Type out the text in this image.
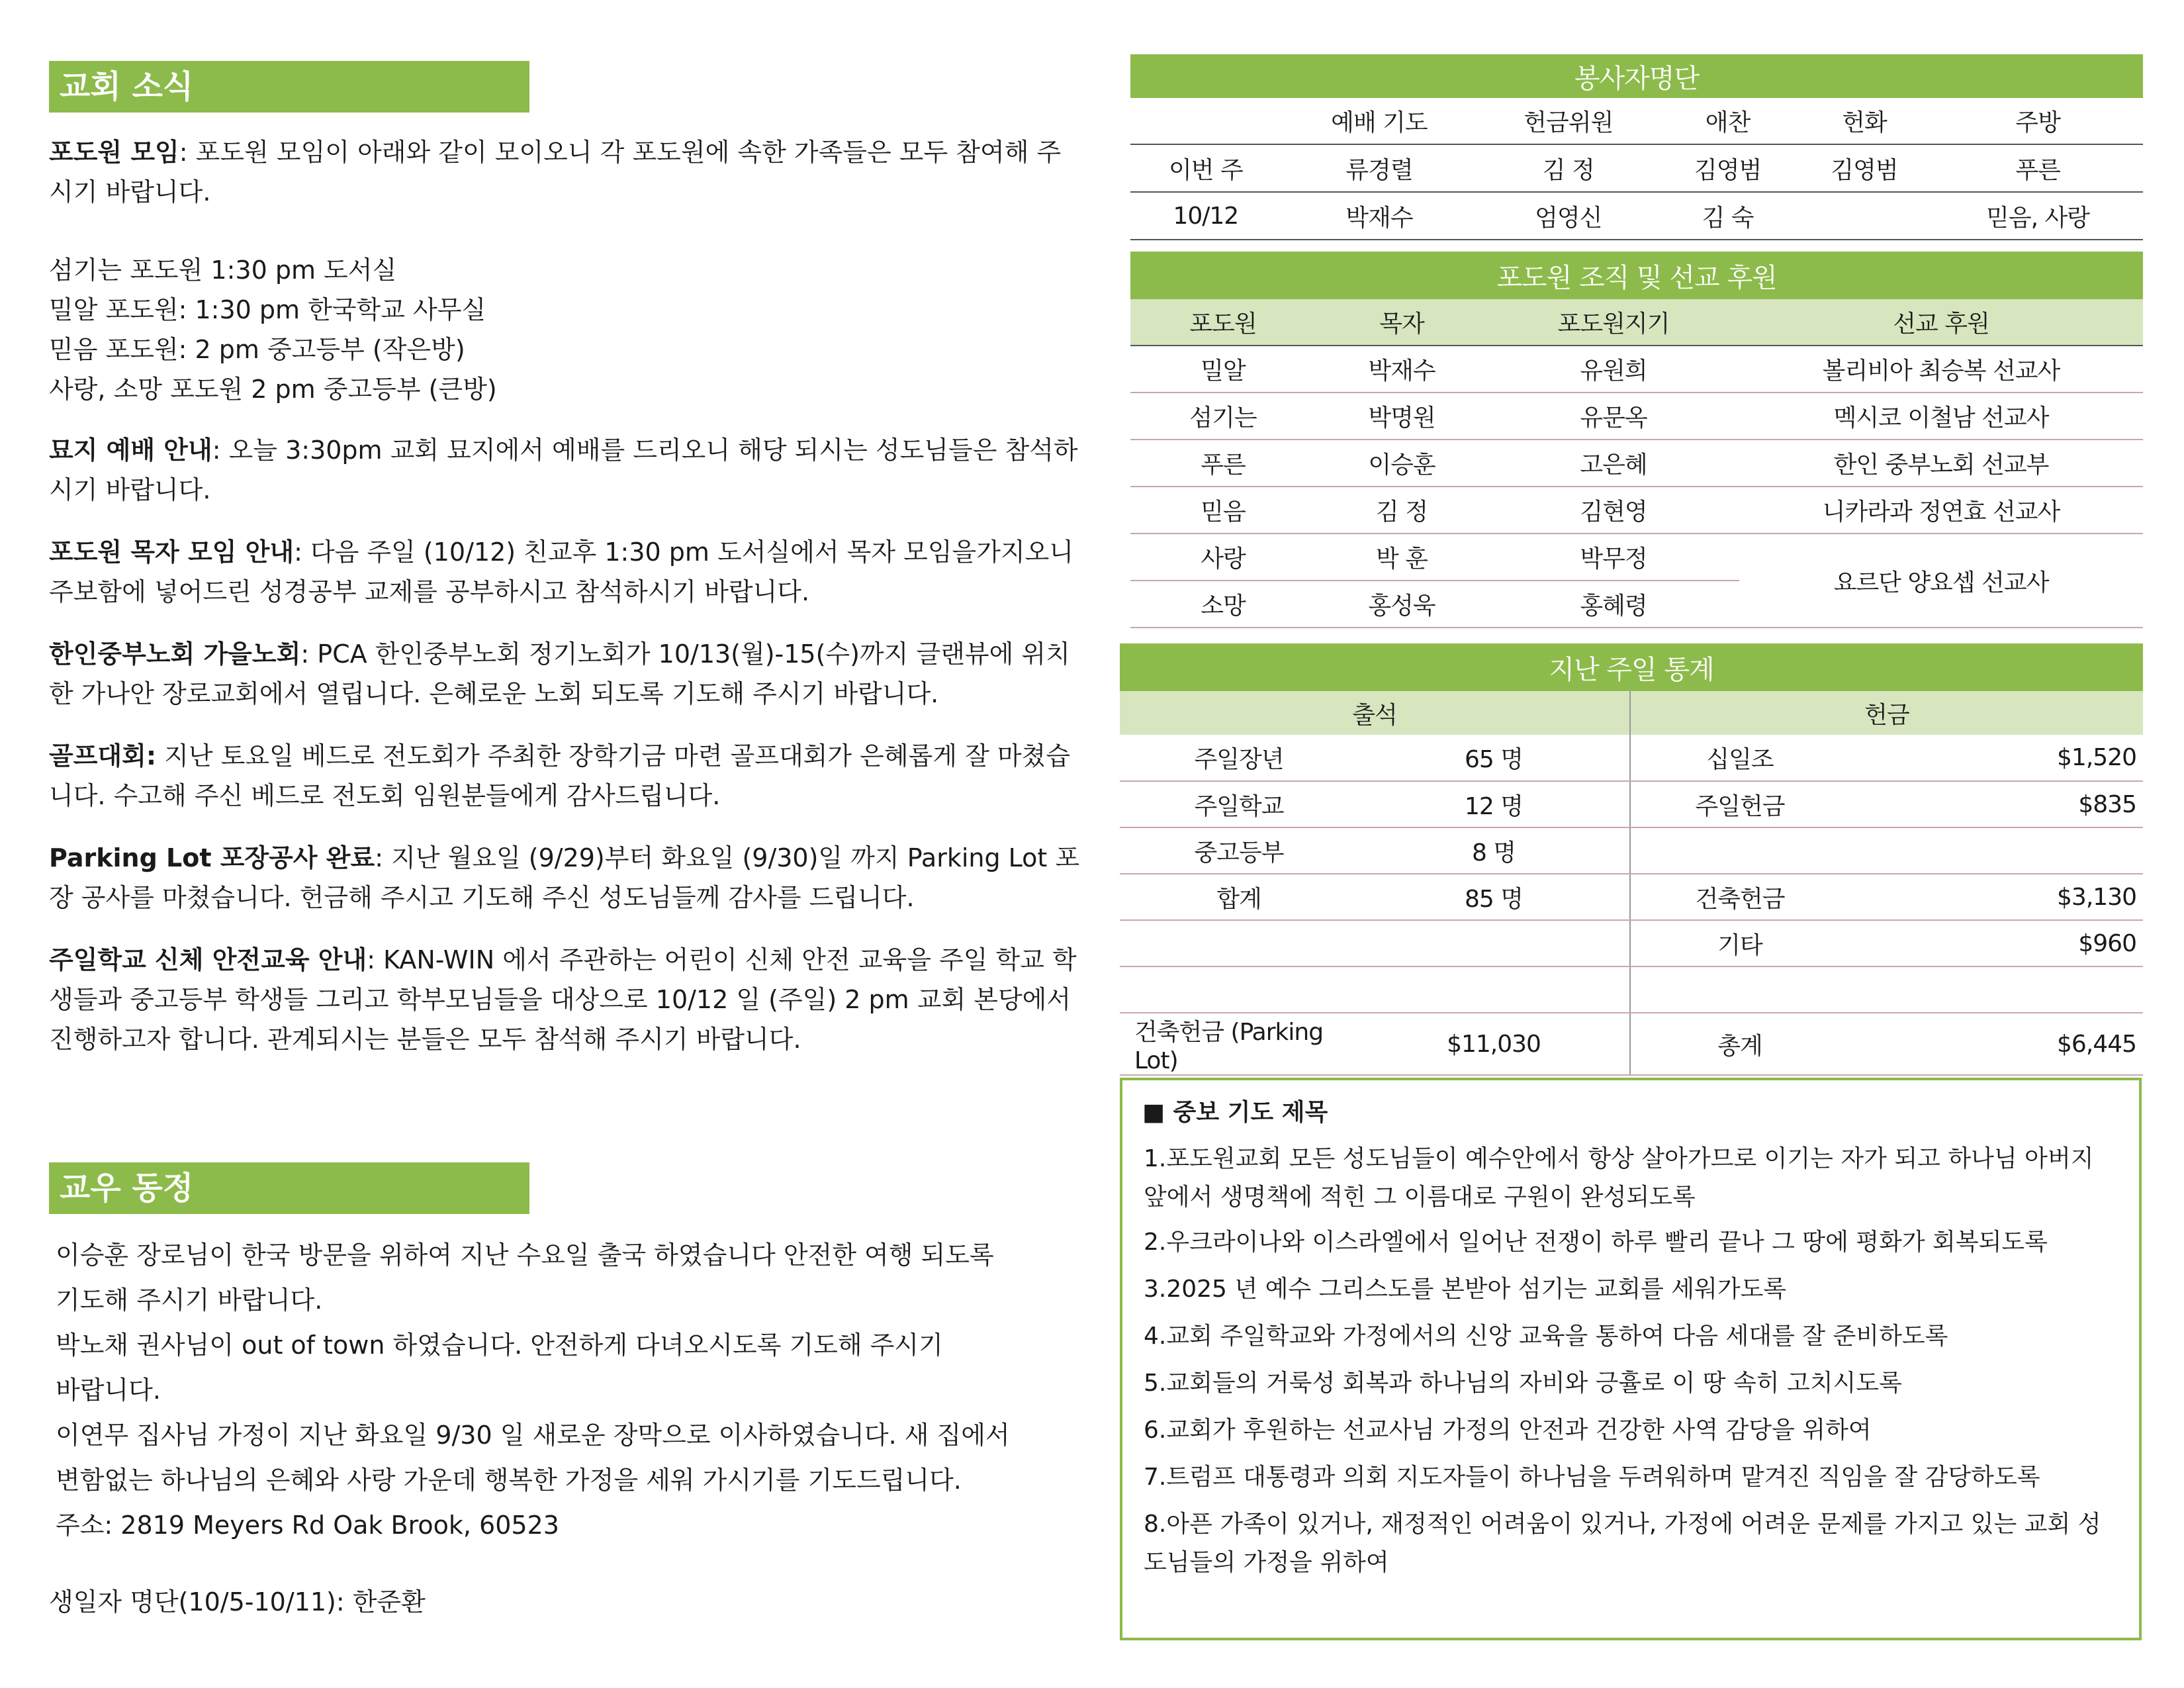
교회 소식
포도원 모임: 포도원 모임이 아래와 같이 모이오니 각 포도원에 속한 가족들은 모두 참여해 주시기 바랍니다.
섬기는 포도원 1:30 pm 도서실
밀알 포도원: 1:30 pm 한국학교 사무실
믿음 포도원: 2 pm 중고등부 (작은방)
사랑, 소망 포도원 2 pm 중고등부 (큰방)
묘지 예배 안내: 오늘 3:30pm 교회 묘지에서 예배를 드리오니 해당 되시는 성도님들은 참석하시기 바랍니다.
포도원 목자 모임 안내: 다음 주일 (10/12) 친교후 1:30 pm 도서실에서 목자 모임을가지오니 주보함에 넣어드린 성경공부 교제를 공부하시고 참석하시기 바랍니다.
한인중부노회 가을노회: PCA 한인중부노회 정기노회가 10/13(월)-15(수)까지 글랜뷰에 위치한 가나안 장로교회에서 열립니다. 은혜로운 노회 되도록 기도해 주시기 바랍니다.
골프대회: 지난 토요일 베드로 전도회가 주최한 장학기금 마련 골프대회가 은혜롭게 잘 마쳤습니다. 수고해 주신 베드로 전도회 임원분들에게 감사드립니다.
Parking Lot 포장공사 완료: 지난 월요일 (9/29)부터 화요일 (9/30)일 까지 Parking Lot 포장 공사를 마쳤습니다. 헌금해 주시고 기도해 주신 성도님들께 감사를 드립니다.
주일학교 신체 안전교육 안내: KAN-WIN 에서 주관하는 어린이 신체 안전 교육을 주일 학교 학생들과 중고등부 학생들 그리고 학부모님들을 대상으로 10/12 일 (주일) 2 pm 교회 본당에서 진행하고자 합니다. 관계되시는 분들은 모두 참석해 주시기 바랍니다.
교우 동정
이승훈 장로님이 한국 방문을 위하여 지난 수요일 출국 하였습니다 안전한 여행 되도록
기도해 주시기 바랍니다.
박노채 권사님이 out of town 하였습니다. 안전하게 다녀오시도록 기도해 주시기
바랍니다.
이연무 집사님 가정이 지난 화요일 9/30 일 새로운 장막으로 이사하였습니다. 새 집에서
변함없는 하나님의 은혜와 사랑 가운데 행복한 가정을 세워 가시기를 기도드립니다.
주소: 2819 Meyers Rd Oak Brook, 60523
생일자 명단(10/5-10/11): 한준환
봉사자명단					
	예배 기도	헌금위원	애찬	헌화	주방
이번 주	류경렬	김 정	김영범	김영범	푸른
10/12	박재수	엄영신	김 숙		믿음, 사랑
포도원 조직 및 선교 후원			
포도원	목자	포도원지기	선교 후원
밀알	박재수	유원희	볼리비아 최승복 선교사
섬기는	박명원	유문옥	멕시코 이철남 선교사
푸른	이승훈	고은혜	한인 중부노회 선교부
믿음	김 정	김현영	니카라과 정연효 선교사
사랑	박 훈	박무정	요르단 양요셉 선교사
소망	홍성욱	홍혜령	
지난 주일 통계			
출석		헌금	
주일장년	65 명	십일조	$1,520
주일학교	12 명	주일헌금	$835
중고등부	8 명		
합계	85 명	건축헌금	$3,130
		기타	$960

건축헌금 (Parking Lot)	$11,030	총계	$6,445
■ 중보 기도 제목
1.포도원교회 모든 성도님들이 예수안에서 항상 살아가므로 이기는 자가 되고 하나님 아버지 앞에서 생명책에 적힌 그 이름대로 구원이 완성되도록
2.우크라이나와 이스라엘에서 일어난 전쟁이 하루 빨리 끝나 그 땅에 평화가 회복되도록
3.2025 년 예수 그리스도를 본받아 섬기는 교회를 세워가도록
4.교회 주일학교와 가정에서의 신앙 교육을 통하여 다음 세대를 잘 준비하도록
5.교회들의 거룩성 회복과 하나님의 자비와 긍휼로 이 땅 속히 고치시도록
6.교회가 후원하는 선교사님 가정의 안전과 건강한 사역 감당을 위하여
7.트럼프 대통령과 의회 지도자들이 하나님을 두려워하며 맡겨진 직임을 잘 감당하도록
8.아픈 가족이 있거나, 재정적인 어려움이 있거나, 가정에 어려운 문제를 가지고 있는 교회 성도님들의 가정을 위하여
